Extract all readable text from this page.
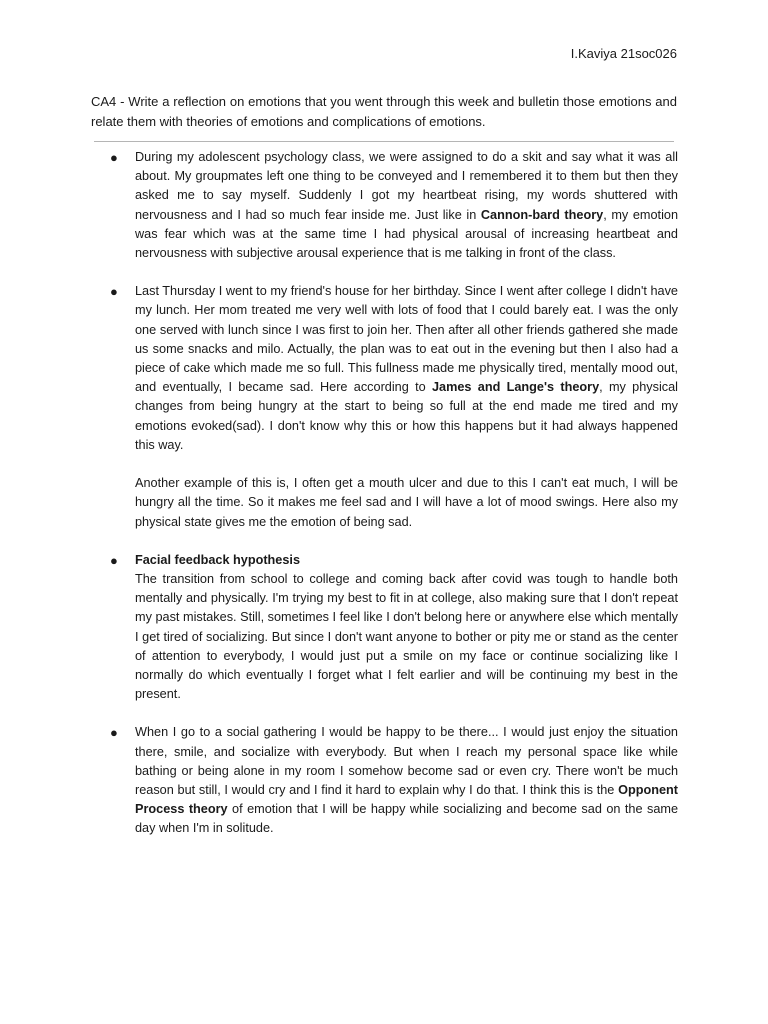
I.Kaviya 21soc026
CA4 - Write a reflection on emotions that you went through this week and bulletin those emotions and relate them with theories of emotions and complications of emotions.
● During my adolescent psychology class, we were assigned to do a skit and say what it was all about. My groupmates left one thing to be conveyed and I remembered it to them but then they asked me to say myself. Suddenly I got my heartbeat rising, my words shuttered with nervousness and I had so much fear inside me. Just like in Cannon-bard theory, my emotion was fear which was at the same time I had physical arousal of increasing heartbeat and nervousness with subjective arousal experience that is me talking in front of the class.

● Last Thursday I went to my friend's house for her birthday. Since I went after college I didn't have my lunch. Her mom treated me very well with lots of food that I could barely eat. I was the only one served with lunch since I was first to join her. Then after all other friends gathered she made us some snacks and milo. Actually, the plan was to eat out in the evening but then I also had a piece of cake which made me so full. This fullness made me physically tired, mentally mood out, and eventually, I became sad. Here according to James and Lange's theory, my physical changes from being hungry at the start to being so full at the end made me tired and my emotions evoked(sad). I don't know why this or how this happens but it had always happened this way.

Another example of this is, I often get a mouth ulcer and due to this I can't eat much, I will be hungry all the time. So it makes me feel sad and I will have a lot of mood swings. Here also my physical state gives me the emotion of being sad.

● Facial feedback hypothesis

The transition from school to college and coming back after covid was tough to handle both mentally and physically. I'm trying my best to fit in at college, also making sure that I don't repeat my past mistakes. Still, sometimes I feel like I don't belong here or anywhere else which mentally I get tired of socializing. But since I don't want anyone to bother or pity me or stand as the center of attention to everybody, I would just put a smile on my face or continue socializing like I normally do which eventually I forget what I felt earlier and will be continuing my best in the present.

● When I go to a social gathering I would be happy to be there... I would just enjoy the situation there, smile, and socialize with everybody. But when I reach my personal space like while bathing or being alone in my room I somehow become sad or even cry. There won't be much reason but still, I would cry and I find it hard to explain why I do that. I think this is the Opponent Process theory of emotion that I will be happy while socializing and become sad on the same day when I'm in solitude.
